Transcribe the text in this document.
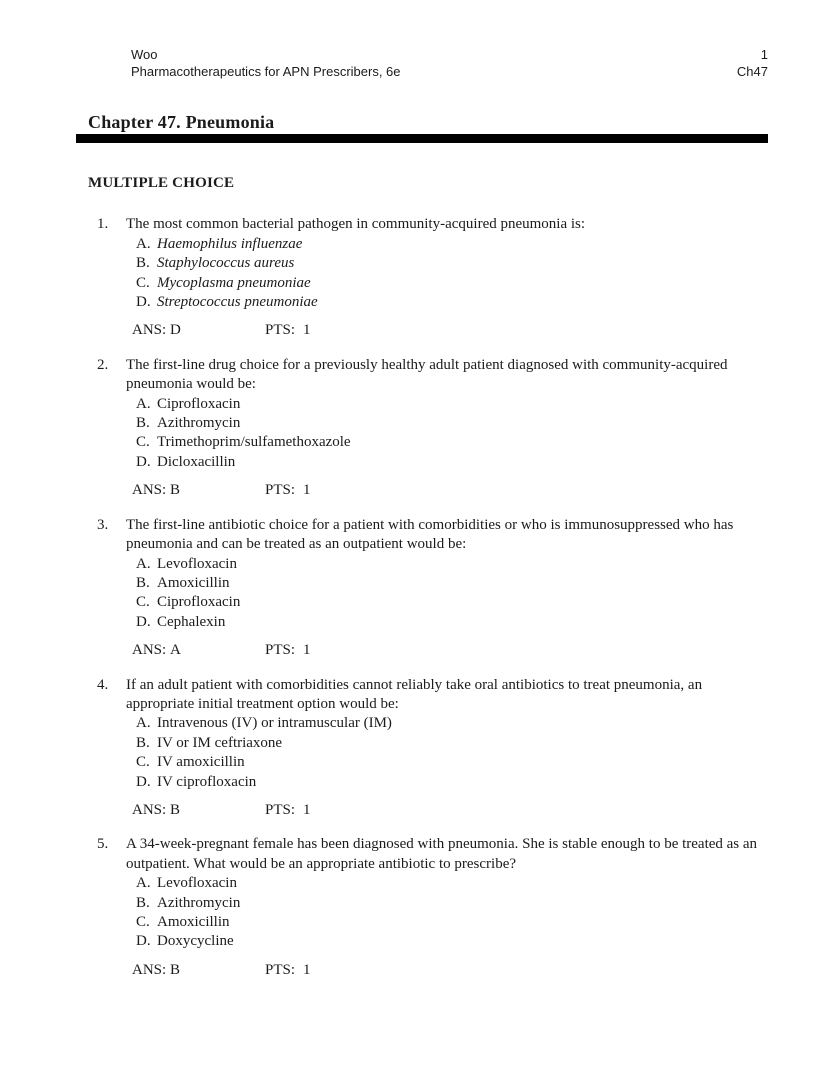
Woo
Pharmacotherapeutics for APN Prescribers, 6e
1
Ch47
Chapter 47. Pneumonia
MULTIPLE CHOICE
1.	The most common bacterial pathogen in community-acquired pneumonia is:
A. Haemophilus influenzae
B. Staphylococcus aureus
C. Mycoplasma pneumoniae
D. Streptococcus pneumoniae
ANS: D	PTS: 1
2.	The first-line drug choice for a previously healthy adult patient diagnosed with community-acquired pneumonia would be:
A. Ciprofloxacin
B. Azithromycin
C. Trimethoprim/sulfamethoxazole
D. Dicloxacillin
ANS: B	PTS: 1
3.	The first-line antibiotic choice for a patient with comorbidities or who is immunosuppressed who has pneumonia and can be treated as an outpatient would be:
A. Levofloxacin
B. Amoxicillin
C. Ciprofloxacin
D. Cephalexin
ANS: A	PTS: 1
4.	If an adult patient with comorbidities cannot reliably take oral antibiotics to treat pneumonia, an appropriate initial treatment option would be:
A. Intravenous (IV) or intramuscular (IM)
B. IV or IM ceftriaxone
C. IV amoxicillin
D. IV ciprofloxacin
ANS: B	PTS: 1
5.	A 34-week-pregnant female has been diagnosed with pneumonia. She is stable enough to be treated as an outpatient. What would be an appropriate antibiotic to prescribe?
A. Levofloxacin
B. Azithromycin
C. Amoxicillin
D. Doxycycline
ANS: B	PTS: 1
